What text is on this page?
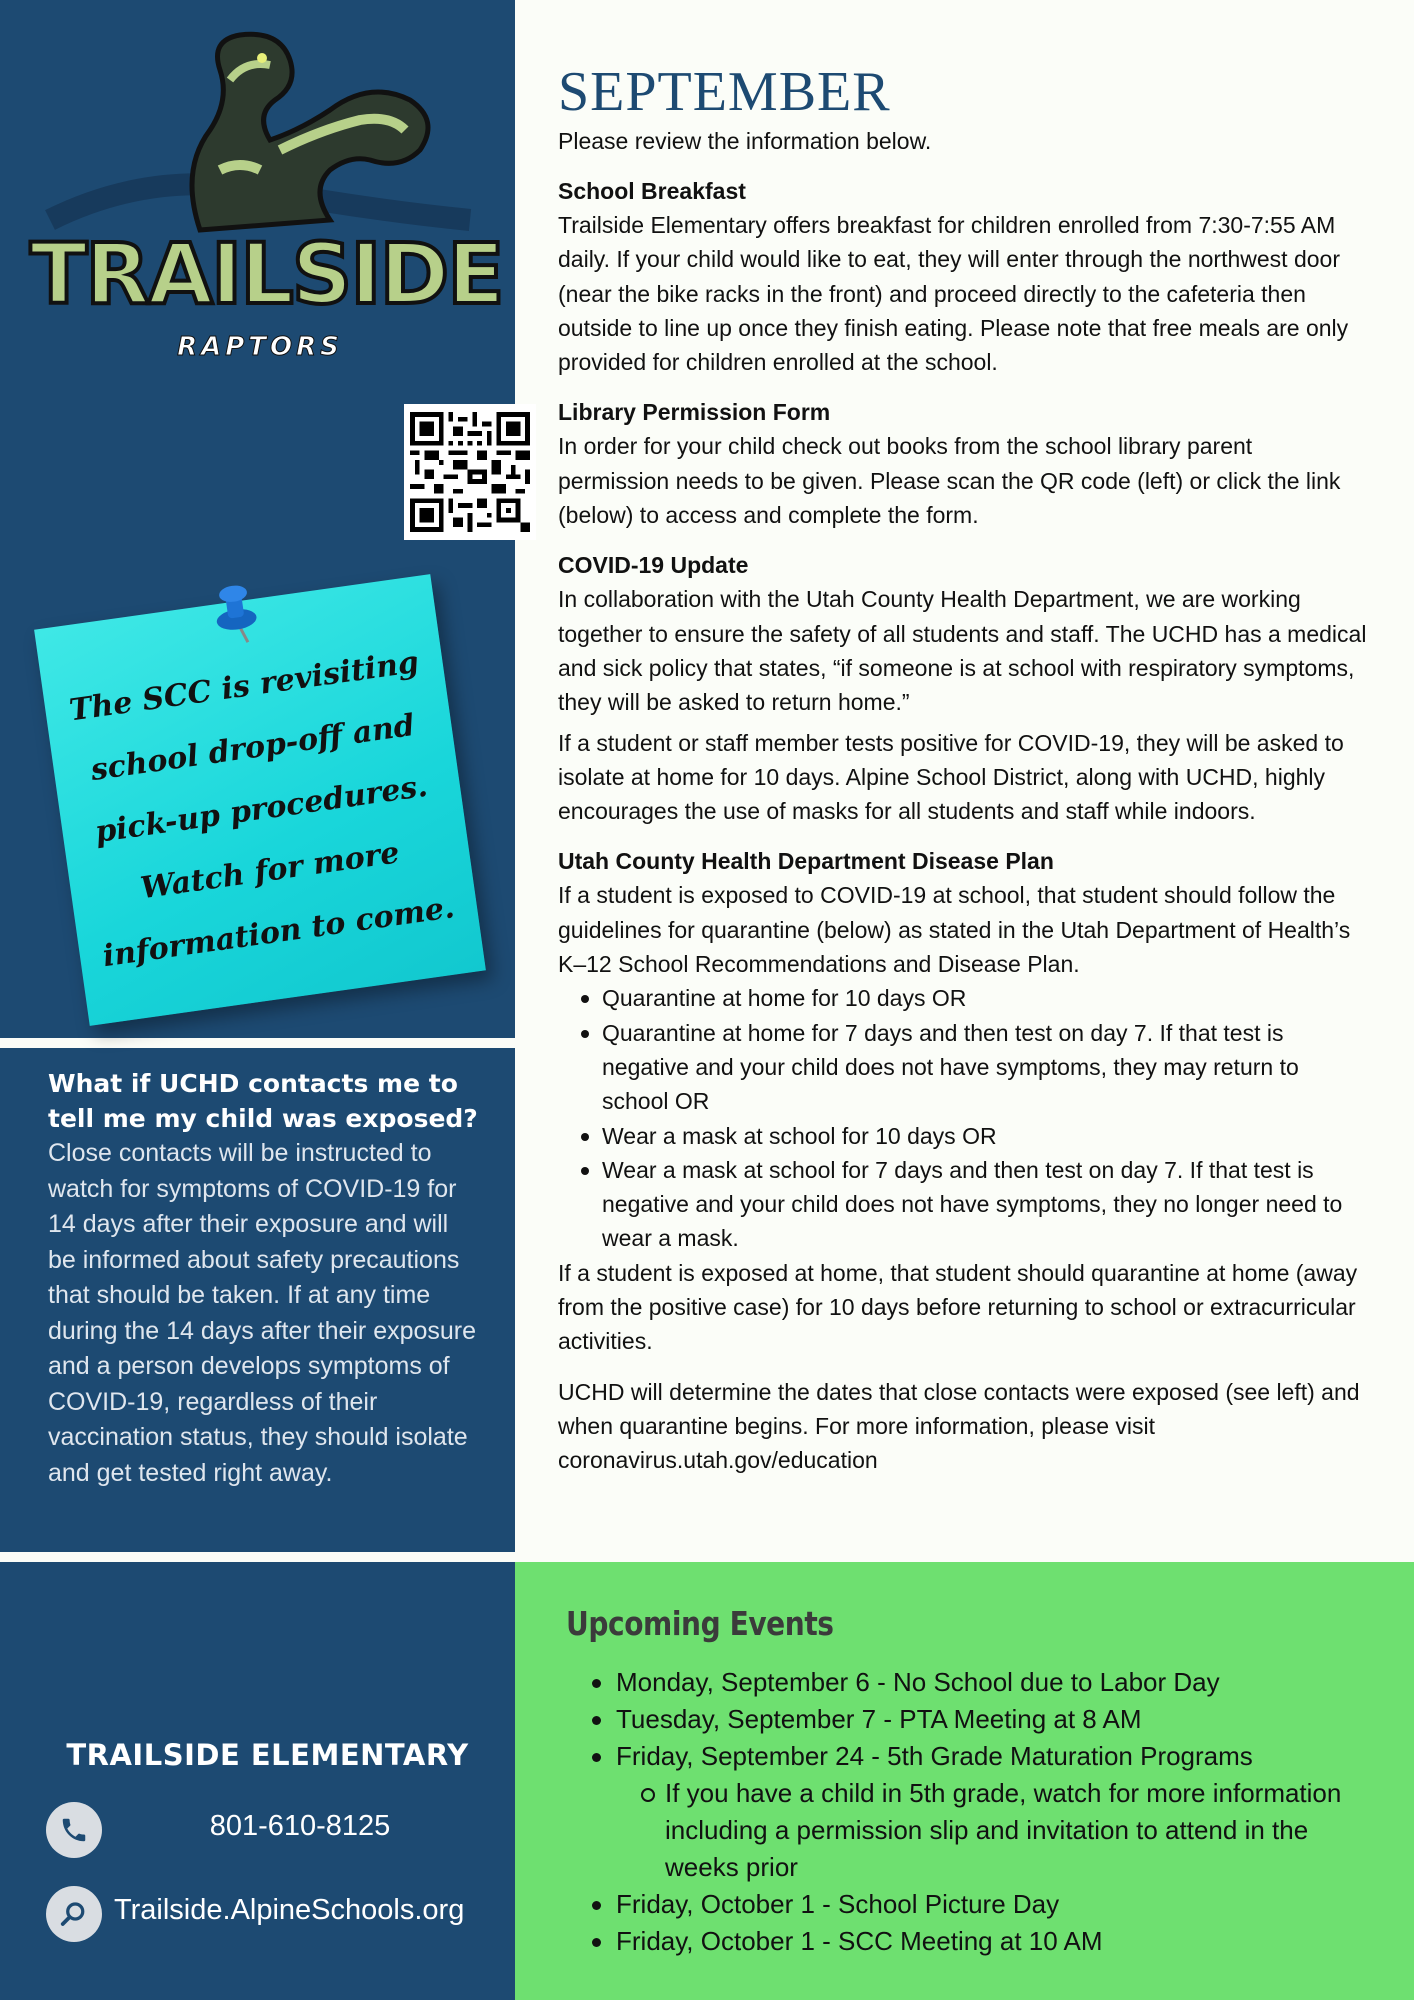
TRAILSIDE
RAPTORS
The SCC is revisiting
school drop-off and
pick-up procedures.
Watch for more
information to come.
What if UCHD contacts me to tell me my child was exposed?
Close contacts will be instructed to watch for symptoms of COVID-19 for 14 days after their exposure and will be informed about safety precautions that should be taken. If at any time during the 14 days after their exposure and a person develops symptoms of COVID-19, regardless of their vaccination status, they should isolate and get tested right away.
TRAILSIDE ELEMENTARY
801-610-8125
Trailside.AlpineSchools.org
SEPTEMBER
Please review the information below.
School Breakfast
Trailside Elementary offers breakfast for children enrolled from 7:30-7:55 AM daily. If your child would like to eat, they will enter through the northwest door (near the bike racks in the front) and proceed directly to the cafeteria then outside to line up once they finish eating. Please note that free meals are only provided for children enrolled at the school.
Library Permission Form
In order for your child check out books from the school library parent permission needs to be given. Please scan the QR code (left) or click the link (below) to access and complete the form.
COVID-19 Update
In collaboration with the Utah County Health Department, we are working together to ensure the safety of all students and staff. The UCHD has a medical and sick policy that states, “if someone is at school with respiratory symptoms, they will be asked to return home.”
If a student or staff member tests positive for COVID-19, they will be asked to isolate at home for 10 days. Alpine School District, along with UCHD, highly encourages the use of masks for all students and staff while indoors.
Utah County Health Department Disease Plan
If a student is exposed to COVID-19 at school, that student should follow the guidelines for quarantine (below) as stated in the Utah Department of Health’s K–12 School Recommendations and Disease Plan.
Quarantine at home for 10 days OR
Quarantine at home for 7 days and then test on day 7. If that test is negative and your child does not have symptoms, they may return to school OR
Wear a mask at school for 10 days OR
Wear a mask at school for 7 days and then test on day 7. If that test is negative and your child does not have symptoms, they no longer need to wear a mask.
If a student is exposed at home, that student should quarantine at home (away from the positive case) for 10 days before returning to school or extracurricular activities.
UCHD will determine the dates that close contacts were exposed (see left) and when quarantine begins. For more information, please visit coronavirus.utah.gov/education
Upcoming Events
Monday, September 6 - No School due to Labor Day
Tuesday, September 7 - PTA Meeting at 8 AM
Friday, September 24 - 5th Grade Maturation Programs
If you have a child in 5th grade, watch for more information including a permission slip and invitation to attend in the weeks prior
Friday, October 1 - School Picture Day
Friday, October 1 - SCC Meeting at 10 AM
